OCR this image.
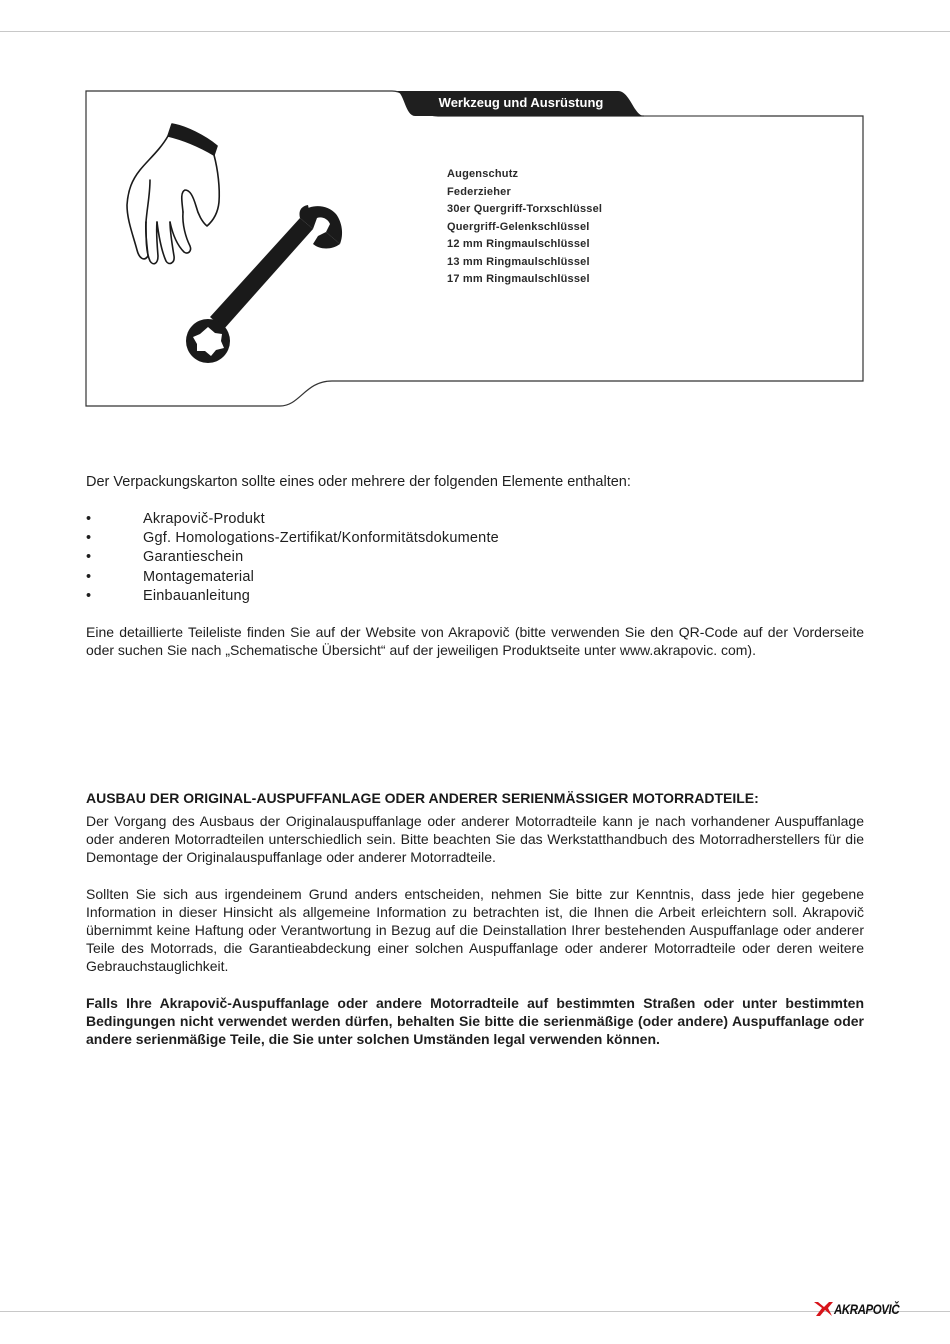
Werkzeug und Ausrüstung
Augenschutz
Federzieher
30er Quergriff-Torxschlüssel
Quergriff-Gelenkschlüssel
12 mm Ringmaulschlüssel
13 mm Ringmaulschlüssel
17 mm Ringmaulschlüssel
Der Verpackungskarton sollte eines oder mehrere der folgenden Elemente enthalten:
•	Akrapovič-Produkt
•	Ggf. Homologations-Zertifikat/Konformitätsdokumente
•	Garantieschein
•	Montagematerial
•	Einbauanleitung
Eine detaillierte Teileliste finden Sie auf der Website von Akrapovič (bitte verwenden Sie den QR-Code auf der Vorderseite oder suchen Sie nach „Schematische Übersicht“ auf der jeweiligen Produktseite unter www.akrapovic. com).
AUSBAU DER ORIGINAL-AUSPUFFANLAGE ODER ANDERER SERIENMÄSSIGER MOTORRADTEILE:
Der Vorgang des Ausbaus der Originalauspuffanlage oder anderer Motorradteile kann je nach vorhandener Auspuffanlage oder anderen Motorradteilen unterschiedlich sein. Bitte beachten Sie das Werkstatthandbuch des Motorradherstellers für die Demontage der Originalauspuffanlage oder anderer Motorradteile.
Sollten Sie sich aus irgendeinem Grund anders entscheiden, nehmen Sie bitte zur Kenntnis, dass jede hier gegebene Information in dieser Hinsicht als allgemeine Information zu betrachten ist, die Ihnen die Arbeit erleichtern soll. Akrapovič übernimmt keine Haftung oder Verantwortung in Bezug auf die Deinstallation Ihrer bestehenden Auspuffanlage oder anderer Teile des Motorrads, die Garantieabdeckung einer solchen Auspuffanlage oder anderer Motorradteile oder deren weitere Gebrauchstauglichkeit.
Falls Ihre Akrapovič-Auspuffanlage oder andere Motorradteile auf bestimmten Straßen oder unter bestimmten Bedingungen nicht verwendet werden dürfen, behalten Sie bitte die serienmäßige (oder andere) Auspuffanlage oder andere serienmäßige Teile, die Sie unter solchen Umständen legal verwenden können.
AKRAPOVIČ
